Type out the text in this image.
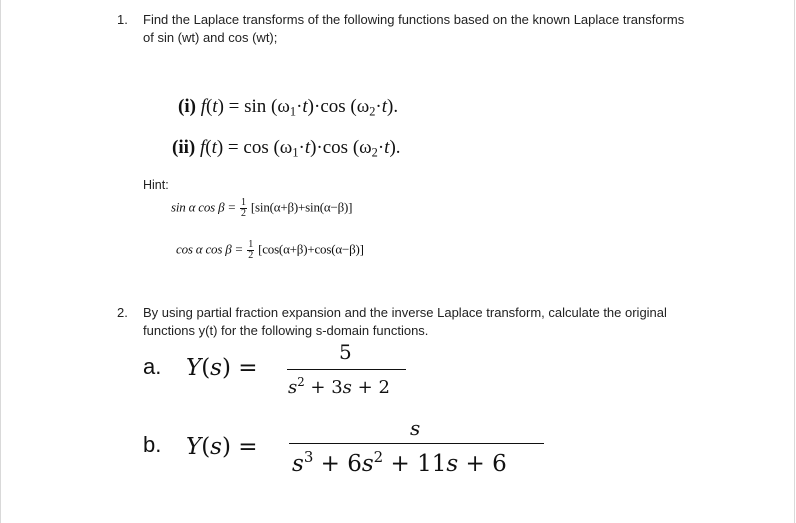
1. Find the Laplace transforms of the following functions based on the known Laplace transforms
of sin (wt) and cos (wt);
(i) $f(t) = \sin (\omega_1\cdot t)\cdot\cos$ $(\omega_2\cdot t)$.
(ii) $f(t) = \cos (\omega_1\cdot t)\cdot\cos$ $(\omega_2\cdot t)$.
Hint:
sin α $\cos \beta = \frac{1}{2} [\sin(\alpha+\beta)+\sin(\alpha-\beta)]$
cos α $\cos \beta = \frac{1}{2} [\cos(\alpha+\beta)+\cos(\alpha-\beta)]$
2. By using partial fraction expansion and the inverse Laplace transform, calculate the original
functions y(t) for the following s-domain functions.
a. Y(s) =
5
$s^2 + 3s + 2$
b. Y(s) =
s
$s^3 + 6s^2 + 11s + 6$
